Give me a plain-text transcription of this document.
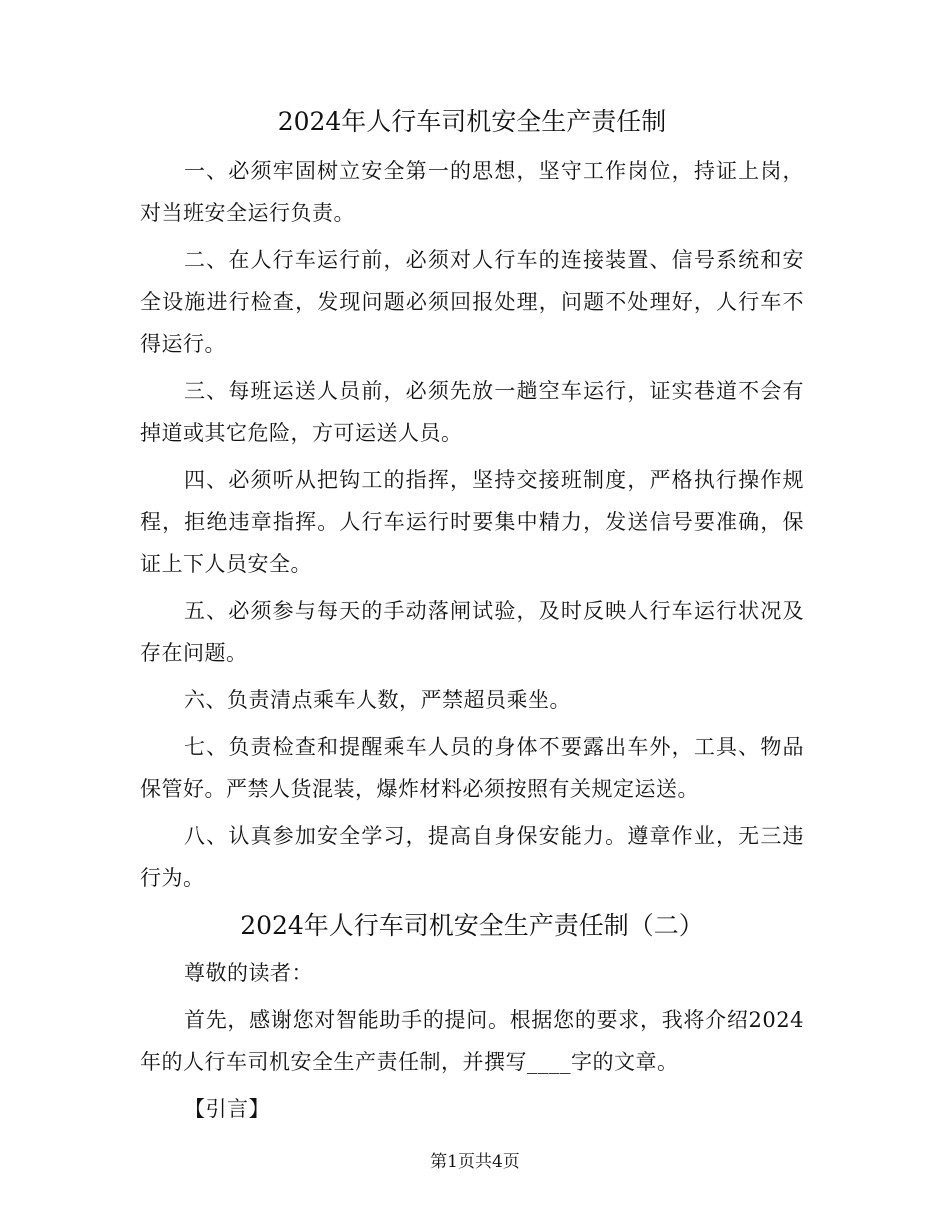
2024年人行车司机安全生产责任制

一、必须牢固树立安全第一的思想，坚守工作岗位，持证上岗，对当班安全运行负责。

二、在人行车运行前，必须对人行车的连接装置、信号系统和安全设施进行检查，发现问题必须回报处理，问题不处理好，人行车不得运行。

三、每班运送人员前，必须先放一趟空车运行，证实巷道不会有掉道或其它危险，方可运送人员。

四、必须听从把钩工的指挥，坚持交接班制度，严格执行操作规程，拒绝违章指挥。人行车运行时要集中精力，发送信号要准确，保证上下人员安全。

五、必须参与每天的手动落闸试验，及时反映人行车运行状况及存在问题。

六、负责清点乘车人数，严禁超员乘坐。

七、负责检查和提醒乘车人员的身体不要露出车外，工具、物品保管好。严禁人货混装，爆炸材料必须按照有关规定运送。

八、认真参加安全学习，提高自身保安能力。遵章作业，无三违行为。

2024年人行车司机安全生产责任制（二）

尊敬的读者：

首先，感谢您对智能助手的提问。根据您的要求，我将介绍2024年的人行车司机安全生产责任制，并撰写____字的文章。

【引言】

第1页共4页
